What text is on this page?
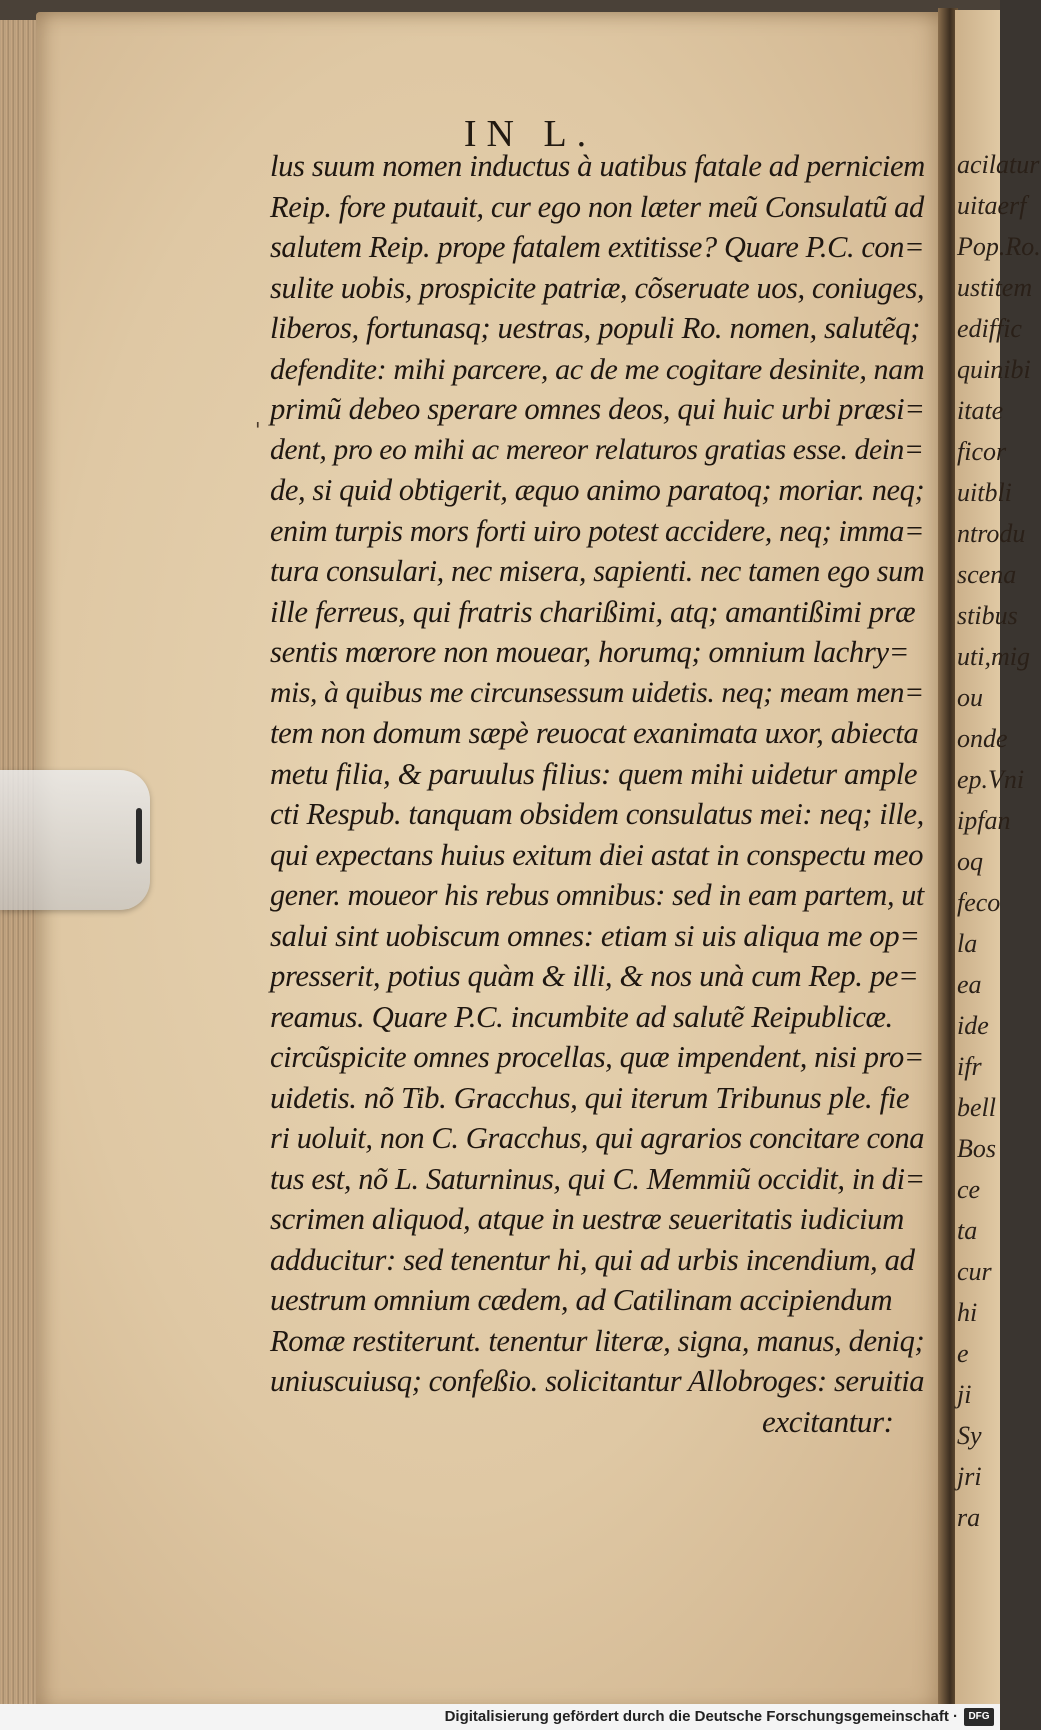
acilatur
uitaerf
Pop.Ro.
ustitem
ediffic
quinibi
itate
ficor
uitbli
ntrodu
scena
stibus
uti,mig
ou
onde
ep.Vni
ipfan
oq
feco
la
ea
ide
ifr
bell
Bos
ce
ta
cur
hi
e
ji
Sy
jri
ra
IN L.
'
lus suum nomen inductus à uatibus fatale ad perniciem
Reip. fore putauit, cur ego non læter meũ Consulatũ ad
salutem Reip. prope fatalem extitisse? Quare P.C. con=
sulite uobis, prospicite patriæ, cõseruate uos, coniuges,
liberos, fortunasq; uestras, populi Ro. nomen, salutẽq;
defendite: mihi parcere, ac de me cogitare desinite, nam
primũ debeo sperare omnes deos, qui huic urbi præsi=
dent, pro eo mihi ac mereor relaturos gratias esse. dein=
de, si quid obtigerit, æquo animo paratoq; moriar. neq;
enim turpis mors forti uiro potest accidere, neq; imma=
tura consulari, nec misera, sapienti. nec tamen ego sum
ille ferreus, qui fratris charißimi, atq; amantißimi præ
sentis mœrore non mouear, horumq; omnium lachry=
mis, à quibus me circunsessum uidetis. neq; meam men=
tem non domum sæpè reuocat exanimata uxor, abiecta
metu filia, & paruulus filius: quem mihi uidetur ample
cti Respub. tanquam obsidem consulatus mei: neq; ille,
qui expectans huius exitum diei astat in conspectu meo
gener. moueor his rebus omnibus: sed in eam partem, ut
salui sint uobiscum omnes: etiam si uis aliqua me op=
presserit, potius quàm & illi, & nos unà cum Rep. pe=
reamus. Quare P.C. incumbite ad salutẽ Reipublicæ.
circũspicite omnes procellas, quæ impendent, nisi pro=
uidetis. nõ Tib. Gracchus, qui iterum Tribunus ple. fie
ri uoluit, non C. Gracchus, qui agrarios concitare cona
tus est, nõ L. Saturninus, qui C. Memmiũ occidit, in di=
scrimen aliquod, atque in uestræ seueritatis iudicium
adducitur: sed tenentur hi, qui ad urbis incendium, ad
uestrum omnium cædem, ad Catilinam accipiendum
Romæ restiterunt. tenentur literæ, signa, manus, deniq;
uniuscuiusq; confeßio. solicitantur Allobroges: seruitia
excitantur:
Digitalisierung gefördert durch die Deutsche Forschungsgemeinschaft ·	DFG
